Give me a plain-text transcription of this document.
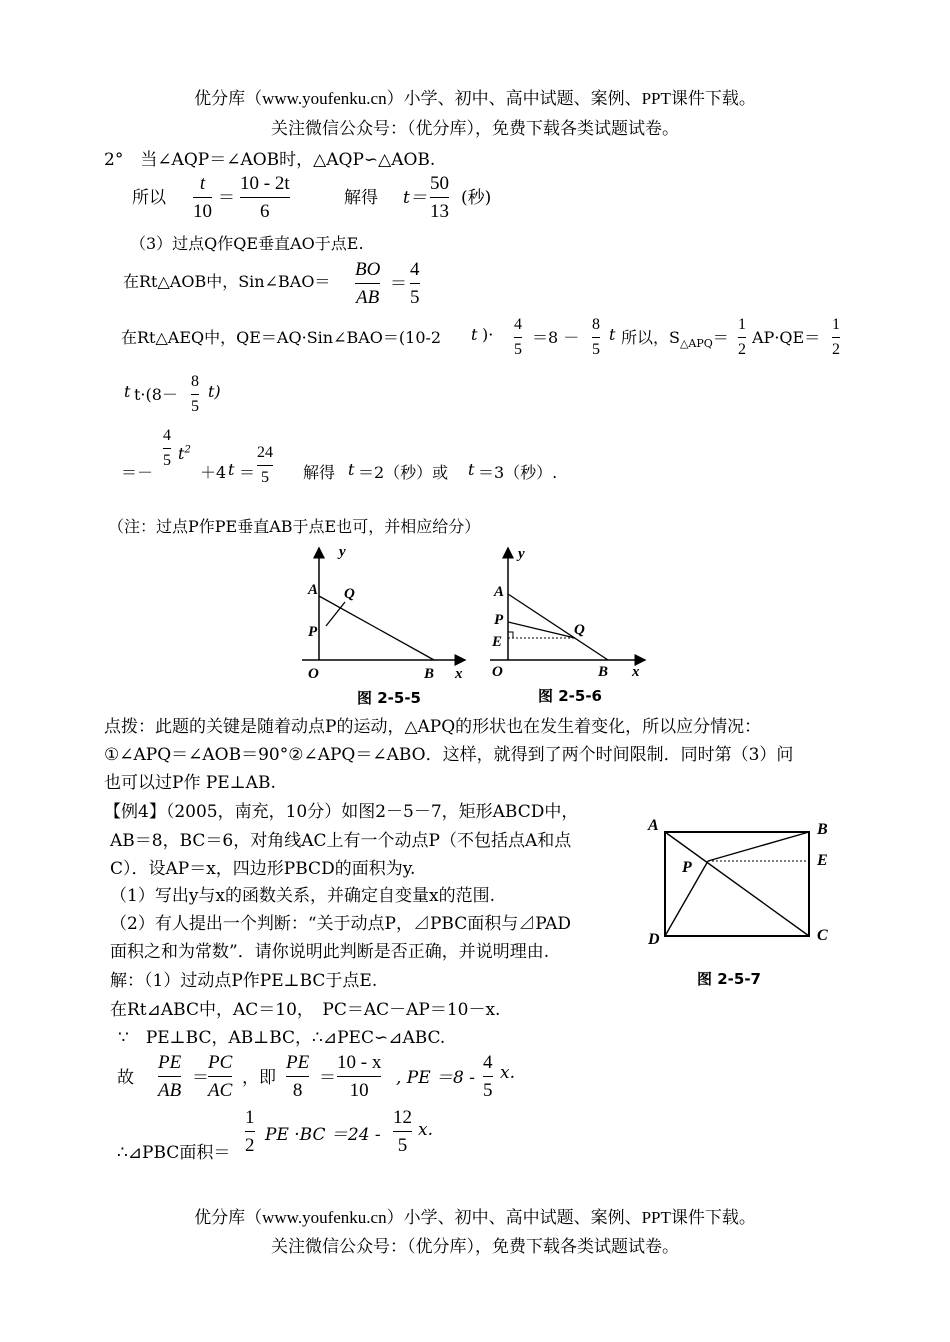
优分库（www.youfenku.cn）小学、初中、高中试题、案例、PPT课件下载。
关注微信公众号：（优分库），免费下载各类试题试卷。
2°　当∠AQP＝∠AOB时，△AQP∽△AOB.
所以
t
10
＝
10 - 2t
6
解得 t＝
50
13
(秒)
（3）过点Q作QE垂直AO于点E.
在Rt△AOB中，Sin∠BAO＝
BO
AB
＝
4
5
在Rt△AEQ中，QE＝AQ·Sin∠BAO＝(10-2 t )·
4
5
＝8 －
8
5
t 所以，$S_{\triangle APQ}=$
1
2
AP·QE＝
1
2
t t·(8－
8
5
t)
＝－
4
5 $t^2$
＋4 t ＝
24
5 解得 t ＝2（秒）或 t ＝3（秒）.
（注：过点P作PE垂直AB于点E也可，并相应给分）
y
A Q
P
O	B x
y
A
P
E
Q
O	B x
图 2-5-5	图 2-5-6
点拨：此题的关键是随着动点P的运动，△APQ的形状也在发生着变化，所以应分情况：
①∠APQ＝∠AOB＝90°②∠APQ＝∠ABO．这样，就得到了两个时间限制．同时第（3）问
也可以过P作 PE⊥AB.
【例4】（2005，南充，10分）如图2－5－7，矩形ABCD中，
AB＝8，BC＝6，对角线AC上有一个动点P（不包括点A和点
C）．设AP＝x，四边形PBCD的面积为y.
（1）写出y与x的函数关系，并确定自变量x的范围.
（2）有人提出一个判断：“关于动点P，⊿PBC面积与⊿PAD
面积之和为常数”．请你说明此判断是否正确，并说明理由.
解：（1）过动点P作PE⊥BC于点E.
在Rt⊿ABC中，AC＝10，　PC＝AC－AP＝10－x.
∵　PE⊥BC，AB⊥BC，∴⊿PEC∽⊿ABC.
A	B
E
P
D	C
图 2-5-7
故
PE
AB
＝
PC
AC
，即
PE
8
＝
10 - x
10
, PE ＝8 -
4
5
x.
∴⊿PBC面积＝
1
2 PE ·BC ＝24 -
12
5
x.
优分库（www.youfenku.cn）小学、初中、高中试题、案例、PPT课件下载。
关注微信公众号：（优分库），免费下载各类试题试卷。
